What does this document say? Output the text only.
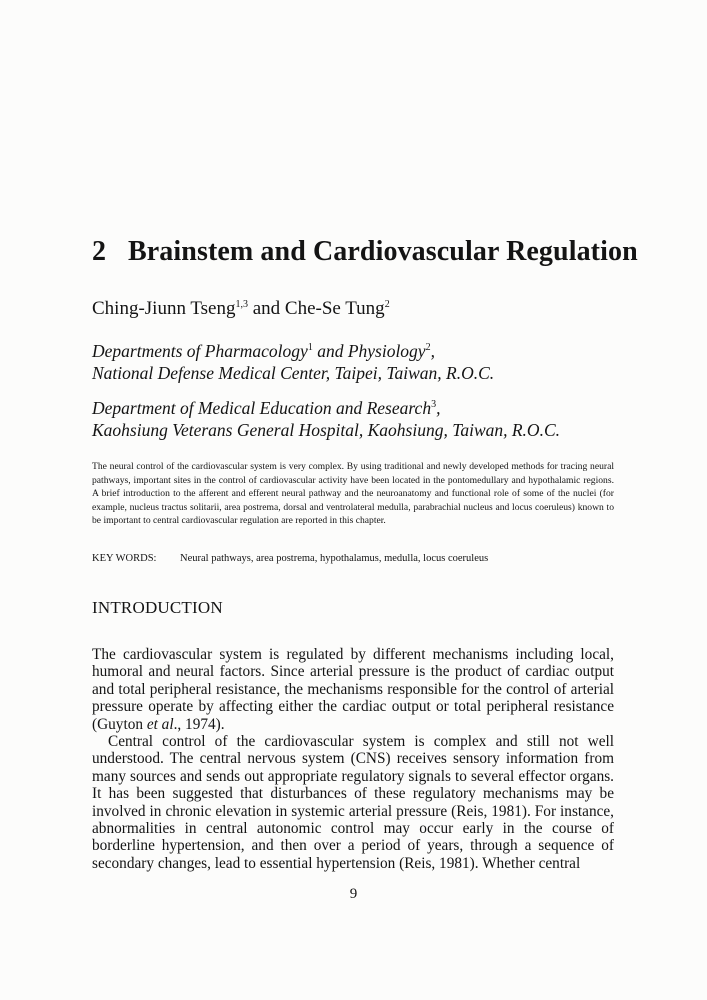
2 Brainstem and Cardiovascular Regulation
Ching-Jiunn Tseng$^{1,3}$ and Che-Se Tung$^2$
Departments of Pharmacology$^1$ and Physiology$^2$,
National Defense Medical Center, Taipei, Taiwan, R.O.C.
Department of Medical Education and Research$^3$,
Kaohsiung Veterans General Hospital, Kaohsiung, Taiwan, R.O.C.

The neural control of the cardiovascular system is very complex. By using traditional and newly developed methods for tracing neural pathways, important sites in the control of cardiovascular activity have been located in the pontomedullary and hypothalamic regions. A brief introduction to the afferent and efferent neural pathway and the neuroanatomy and functional role of some of the nuclei (for example, nucleus tractus solitarii, area postrema, dorsal and ventrolateral medulla, parabrachial nucleus and locus coeruleus) known to be important to central cardiovascular regulation are reported in this chapter.

KEY WORDS: Neural pathways, area postrema, hypothalamus, medulla, locus coeruleus
INTRODUCTION

The cardiovascular system is regulated by different mechanisms including local, humoral and neural factors. Since arterial pressure is the product of cardiac output and total peripheral resistance, the mechanisms responsible for the control of arterial pressure operate by affecting either the cardiac output or total peripheral resistance (Guyton et al., 1974).

Central control of the cardiovascular system is complex and still not well understood. The central nervous system (CNS) receives sensory information from many sources and sends out appropriate regulatory signals to several effector organs. It has been suggested that disturbances of these regulatory mechanisms may be involved in chronic elevation in systemic arterial pressure (Reis, 1981). For instance, abnormalities in central autonomic control may occur early in the course of borderline hypertension, and then over a period of years, through a sequence of secondary changes, lead to essential hypertension (Reis, 1981). Whether central

9
